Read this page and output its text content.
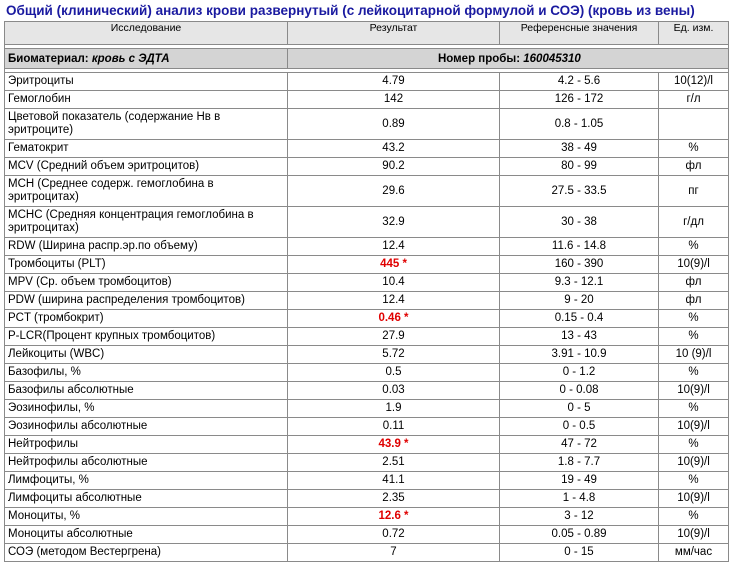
Общий (клинический) анализ крови развернутый (с лейкоцитарной формулой и СОЭ) (кровь из вены)
Исследование	Результат	Референсные значения	Ед. изм.

Биоматериал: кровь с ЭДТА	Номер пробы: 160045310		

Эритроциты	4.79	4.2 - 5.6	10(12)/l
Гемоглобин	142	126 - 172	г/л
Цветовой показатель (содержание Нв в эритроците)	0.89	0.8 - 1.05	
Гематокрит	43.2	38 - 49	%
MCV (Средний объем эритроцитов)	90.2	80 - 99	фл
MCH (Среднее содерж. гемоглобина в эритроцитах)	29.6	27.5 - 33.5	пг
MCHC (Средняя концентрация гемоглобина в эритроцитах)	32.9	30 - 38	г/дл
RDW (Ширина распр.эр.по объему)	12.4	11.6 - 14.8	%
Тромбоциты (PLT)	445 *	160 - 390	10(9)/l
MPV (Ср. объем тромбоцитов)	10.4	9.3 - 12.1	фл
PDW (ширина распределения тромбоцитов)	12.4	9 - 20	фл
PCT (тромбокрит)	0.46 *	0.15 - 0.4	%
P-LCR(Процент крупных тромбоцитов)	27.9	13 - 43	%
Лейкоциты (WBC)	5.72	3.91 - 10.9	10 (9)/l
Базофилы, %	0.5	0 - 1.2	%
Базофилы абсолютные	0.03	0 - 0.08	10(9)/l
Эозинофилы, %	1.9	0 - 5	%
Эозинофилы абсолютные	0.11	0 - 0.5	10(9)/l
Нейтрофилы	43.9 *	47 - 72	%
Нейтрофилы абсолютные	2.51	1.8 - 7.7	10(9)/l
Лимфоциты, %	41.1	19 - 49	%
Лимфоциты абсолютные	2.35	1 - 4.8	10(9)/l
Моноциты, %	12.6 *	3 - 12	%
Моноциты абсолютные	0.72	0.05 - 0.89	10(9)/l
СОЭ (методом Вестергрена)	7	0 - 15	мм/час
